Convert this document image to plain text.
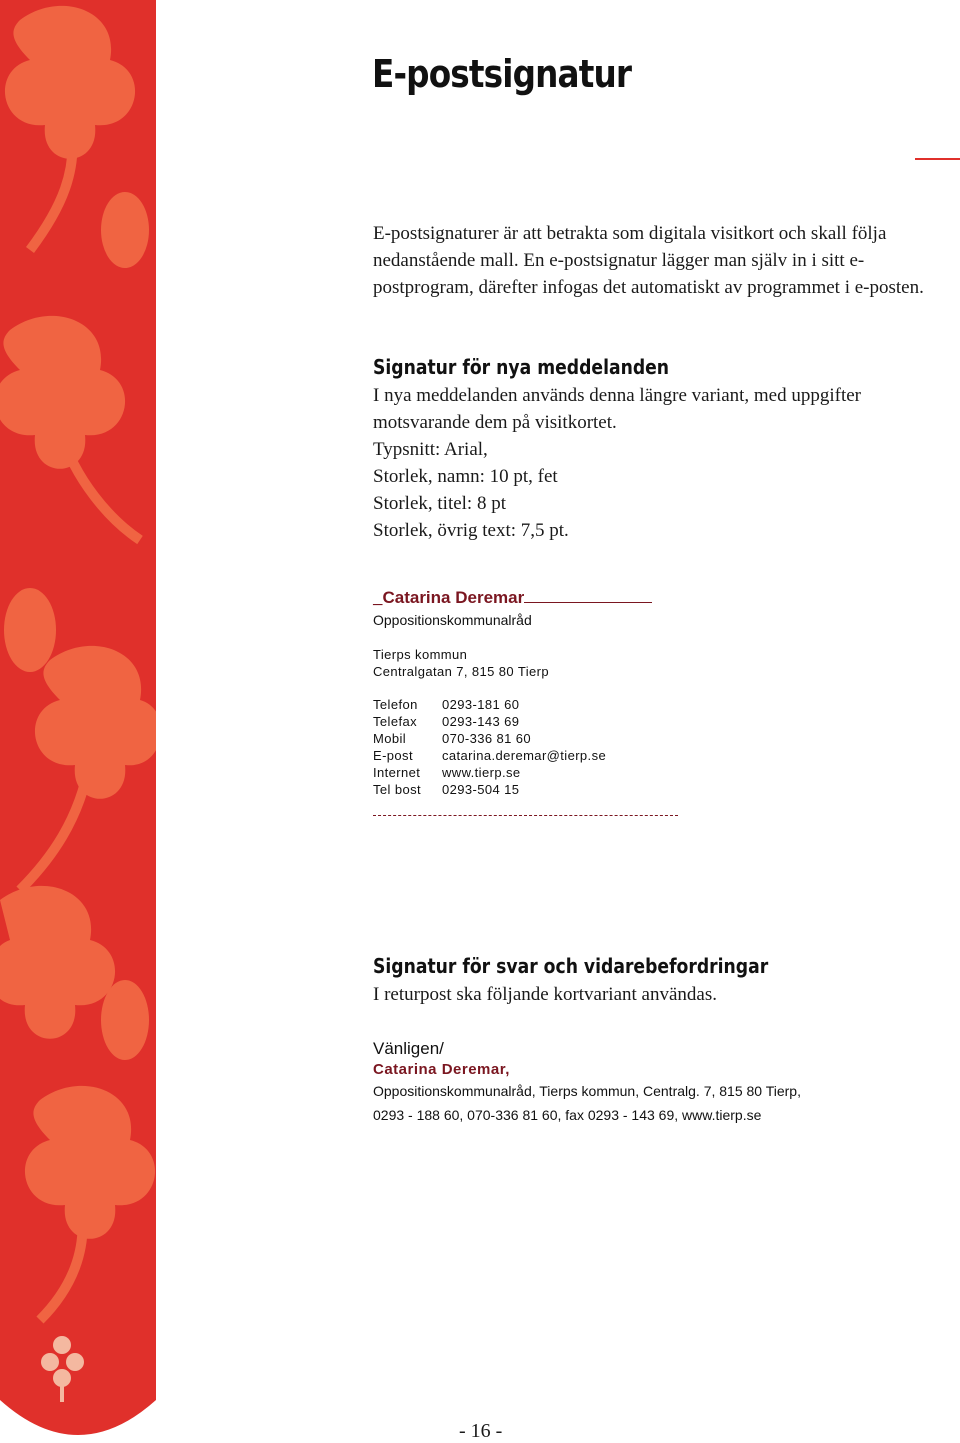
E-postsignatur

E-postsignaturer är att betrakta som digitala visitkort och skall följa nedanstående mall. En e-postsignatur lägger man själv in i sitt e-postprogram, därefter infogas det automatiskt av programmet i e-posten.

Signatur för nya meddelanden

I nya meddelanden används denna längre variant, med uppgifter

motsvarande dem på visitkortet.

Typsnitt: Arial,

Storlek, namn: 10 pt, fet

Storlek, titel: 8 pt

Storlek, övrig text: 7,5 pt.

_Catarina Deremar
Oppositionskommunalråd
Tierps kommun
Centralgatan 7, 815 80 Tierp
Telefon	0293-181 60
Telefax	0293-143 69
Mobil	070-336 81 60
E-post	catarina.deremar@tierp.se
Internet	www.tierp.se
Tel bost	0293-504 15
Signatur för svar och vidarebefordringar

I returpost ska följande kortvariant användas.

Vänligen/
Catarina Deremar,
Oppositionskommunalråd, Tierps kommun, Centralg. 7, 815 80 Tierp,
0293 - 188 60, 070-336 81 60, fax 0293 - 143 69, www.tierp.se
- 16 -
